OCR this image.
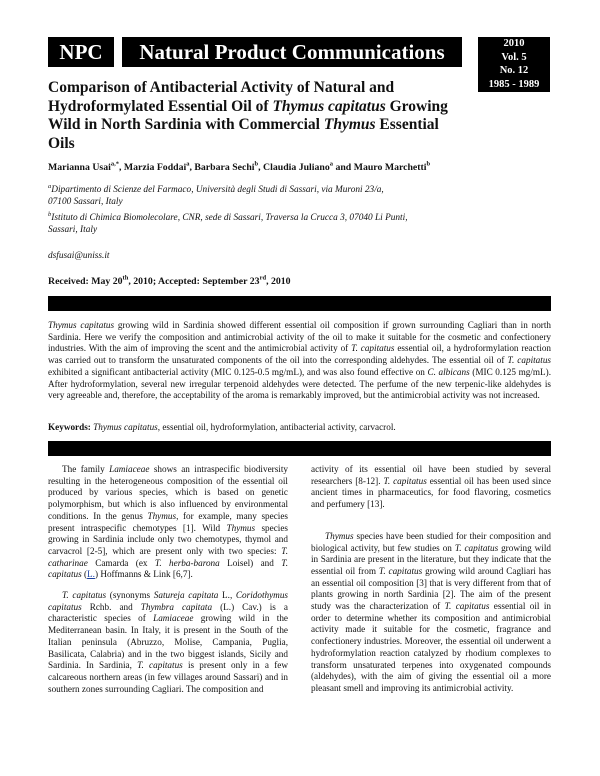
NPC	Natural Product Communications	2010
Vol. 5
No. 12
1985 - 1989
Comparison of Antibacterial Activity of Natural and Hydroformylated Essential Oil of Thymus capitatus Growing Wild in North Sardinia with Commercial Thymus Essential Oils
Marianna Usai$^{a,*}$, Marzia Foddai$^a$, Barbara Sechi$^b$, Claudia Juliano$^a$ and Mauro Marchetti$^b$
$^a$Dipartimento di Scienze del Farmaco, Università degli Studi di Sassari, via Muroni 23/a,
07100 Sassari, Italy
$^b$Istituto di Chimica Biomolecolare, CNR, sede di Sassari, Traversa la Crucca 3, 07040 Li Punti,
Sassari, Italy
dsfusai@uniss.it
Received: May 20th, 2010; Accepted: September 23rd, 2010
Thymus capitatus growing wild in Sardinia showed different essential oil composition if grown surrounding Cagliari than in north Sardinia. Here we verify the composition and antimicrobial activity of the oil to make it suitable for the cosmetic and confectionery industries. With the aim of improving the scent and the antimicrobial activity of T. capitatus essential oil, a hydroformylation reaction was carried out to transform the unsaturated components of the oil into the corresponding aldehydes. The essential oil of T. capitatus exhibited a significant antibacterial activity (MIC 0.125-0.5 mg/mL), and was also found effective on C. albicans (MIC 0.125 mg/mL). After hydroformylation, several new irregular terpenoid aldehydes were detected. The perfume of the new terpenic-like aldehydes is very agreeable and, therefore, the acceptability of the aroma is remarkably improved, but the antimicrobial activity was not increased.
Keywords: Thymus capitatus, essential oil, hydroformylation, antibacterial activity, carvacrol.

The family Lamiaceae shows an intraspecific biodiversity resulting in the heterogeneous composition of the essential oil produced by various species, which is based on genetic polymorphism, but which is also influenced by environmental conditions. In the genus Thymus, for example, many species present intraspecific chemotypes [1]. Wild Thymus species growing in Sardinia include only two chemotypes, thymol and carvacrol [2-5], which are present only with two species: T. catharinae Camarda (ex T. herba-barona Loisel) and T. capitatus (L.) Hoffmanns & Link [6,7].

T. capitatus (synonyms Satureja capitata L., Coridothymus capitatus Rchb. and Thymbra capitata (L.) Cav.) is a characteristic species of Lamiaceae growing wild in the Mediterranean basin. In Italy, it is present in the South of the Italian peninsula (Abruzzo, Molise, Campania, Puglia, Basilicata, Calabria) and in the two biggest islands, Sicily and Sardinia. In Sardinia, T. capitatus is present only in a few calcareous northern areas (in few villages around Sassari) and in southern zones surrounding Cagliari. The composition and

activity of its essential oil have been studied by several researchers [8-12]. T. capitatus essential oil has been used since ancient times in pharmaceutics, for food flavoring, cosmetics and perfumery [13].

Thymus species have been studied for their composition and biological activity, but few studies on T. capitatus growing wild in Sardinia are present in the literature, but they indicate that the essential oil from T. capitatus growing wild around Cagliari has an essential oil composition [3] that is very different from that of plants growing in north Sardinia [2]. The aim of the present study was the characterization of T. capitatus essential oil in order to determine whether its composition and antimicrobial activity made it suitable for the cosmetic, fragrance and confectionery industries. Moreover, the essential oil underwent a hydroformylation reaction catalyzed by rhodium complexes to transform unsaturated terpenes into oxygenated compounds (aldehydes), with the aim of giving the essential oil a more pleasant smell and improving its antimicrobial activity.
